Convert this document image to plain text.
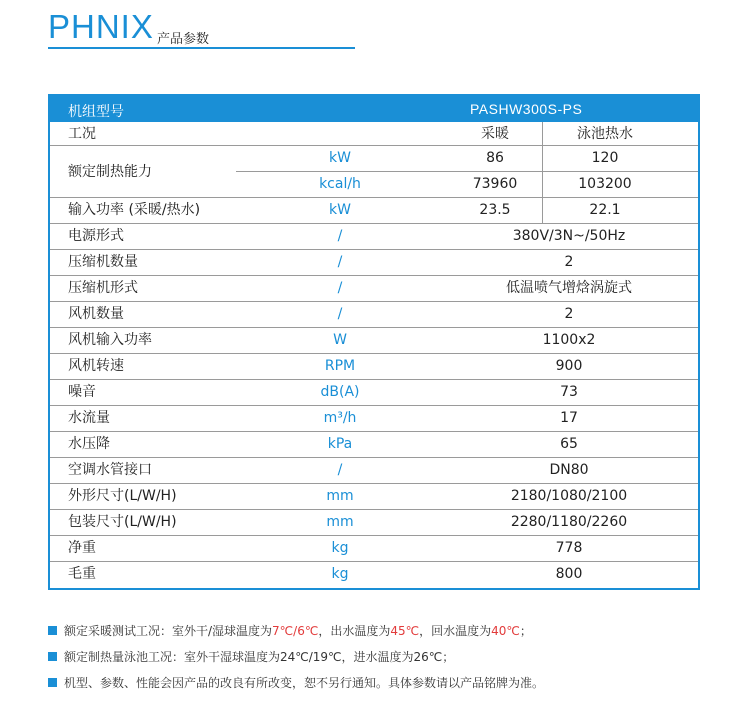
PHNIX 产品参数
机组型号	PASHW300S-PS
工况	采暖	泳池热水
额定制热能力
kW	86	120
kcal/h	73960	103200
输入功率 (采暖/热水)	kW	23.5	22.1
电源形式	/	380V/3N~/50Hz
压缩机数量	/	2
压缩机形式	/	低温喷气增焓涡旋式
风机数量	/	2
风机输入功率	W	1100x2
风机转速	RPM	900
噪音	dB(A)	73
水流量	m³/h	17
水压降	kPa	65
空调水管接口	/	DN80
外形尺寸(L/W/H)	mm	2180/1080/2100
包装尺寸(L/W/H)	mm	2280/1180/2260
净重	kg	778
毛重	kg	800
额定采暖测试工况：室外干/湿球温度为7℃/6℃，出水温度为45℃，回水温度为40℃；
额定制热量泳池工况：室外干湿球温度为24℃/19℃，进水温度为26℃；
机型、参数、性能会因产品的改良有所改变，恕不另行通知。具体参数请以产品铭牌为准。
